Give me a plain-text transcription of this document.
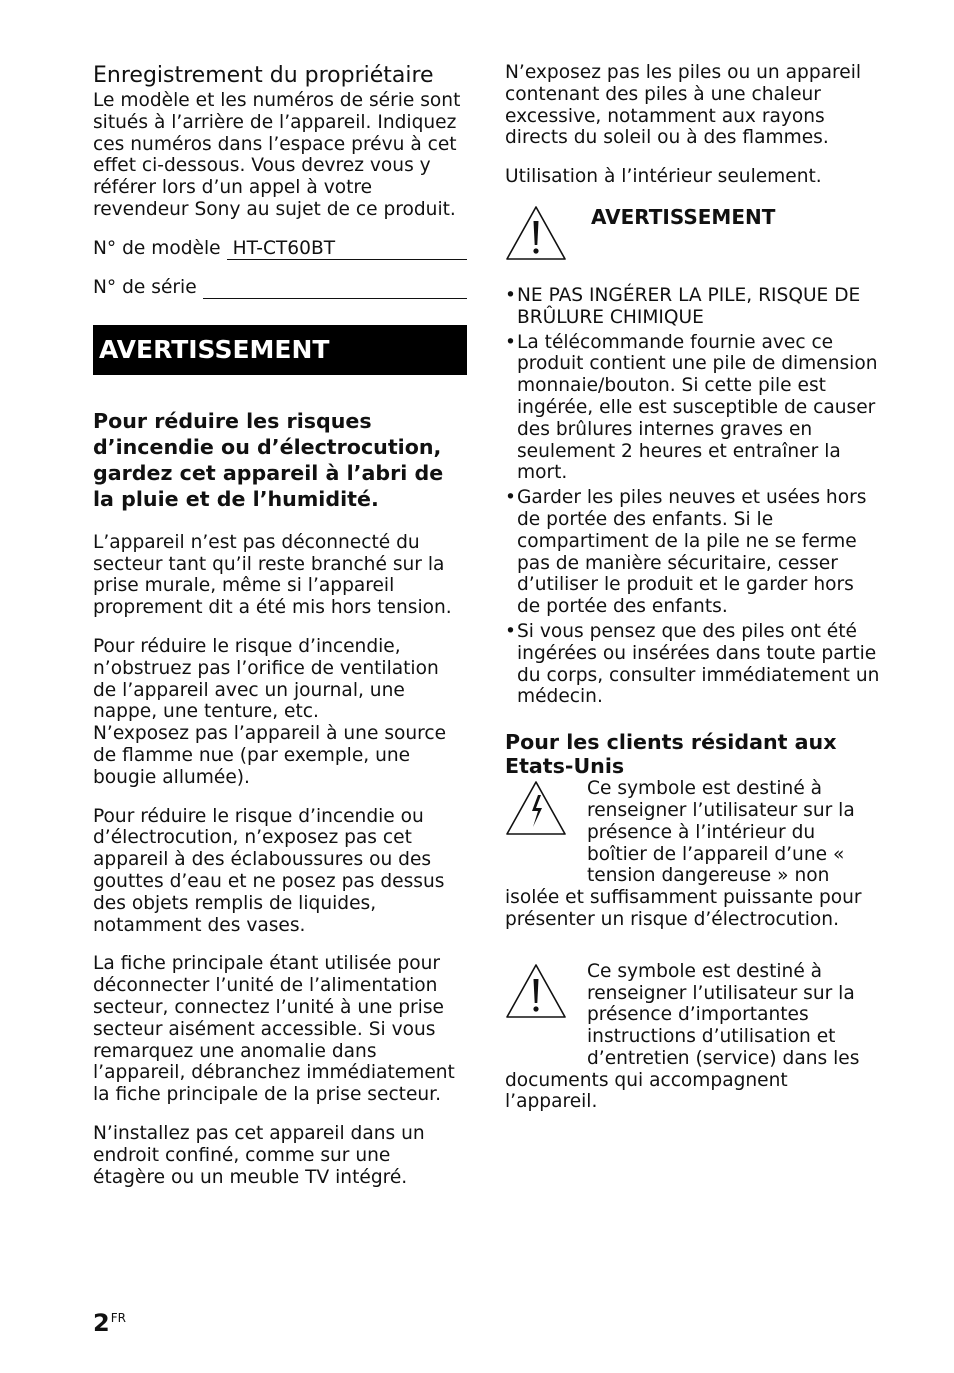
Enregistrement du propriétaire

Le modèle et les numéros de série sont situés à l’arrière de l’appareil. Indiquez ces numéros dans l’espace prévu à cet effet ci-dessous. Vous devrez vous y référer lors d’un appel à votre revendeur Sony au sujet de ce produit.

N° de modèle HT-CT60BT
N° de série
AVERTISSEMENT
Pour réduire les risques d’incendie ou d’électrocution, gardez cet appareil à l’abri de la pluie et de l’humidité.

L’appareil n’est pas déconnecté du secteur tant qu’il reste branché sur la prise murale, même si l’appareil proprement dit a été mis hors tension.

Pour réduire le risque d’incendie, n’obstruez pas l’orifice de ventilation de l’appareil avec un journal, une nappe, une tenture, etc.

N’exposez pas l’appareil à une source de flamme nue (par exemple, une bougie allumée).

Pour réduire le risque d’incendie ou d’électrocution, n’exposez pas cet appareil à des éclaboussures ou des gouttes d’eau et ne posez pas dessus des objets remplis de liquides, notamment des vases.

La fiche principale étant utilisée pour déconnecter l’unité de l’alimentation secteur, connectez l’unité à une prise secteur aisément accessible. Si vous remarquez une anomalie dans l’appareil, débranchez immédiatement la fiche principale de la prise secteur.

N’installez pas cet appareil dans un endroit confiné, comme sur une étagère ou un meuble TV intégré.

N’exposez pas les piles ou un appareil contenant des piles à une chaleur excessive, notamment aux rayons directs du soleil ou à des flammes.

Utilisation à l’intérieur seulement.

AVERTISSEMENT
• NE PAS INGÉRER LA PILE, RISQUE DE BRÛLURE CHIMIQUE
• La télécommande fournie avec ce produit contient une pile de dimension monnaie/bouton. Si cette pile est ingérée, elle est susceptible de causer des brûlures internes graves en seulement 2 heures et entraîner la mort.
• Garder les piles neuves et usées hors de portée des enfants. Si le compartiment de la pile ne se ferme pas de manière sécuritaire, cesser d’utiliser le produit et le garder hors de portée des enfants.
• Si vous pensez que des piles ont été ingérées ou insérées dans toute partie du corps, consulter immédiatement un médecin.
Pour les clients résidant aux Etats-Unis
Ce symbole est destiné à renseigner l’utilisateur sur la présence à l’intérieur du boîtier de l’appareil d’une « tension dangereuse » non isolée et suffisamment puissante pour présenter un risque d’électrocution.
Ce symbole est destiné à renseigner l’utilisateur sur la présence d’importantes instructions d’utilisation et d’entretien (service) dans les documents qui accompagnent l’appareil.
$2^{FR}$
